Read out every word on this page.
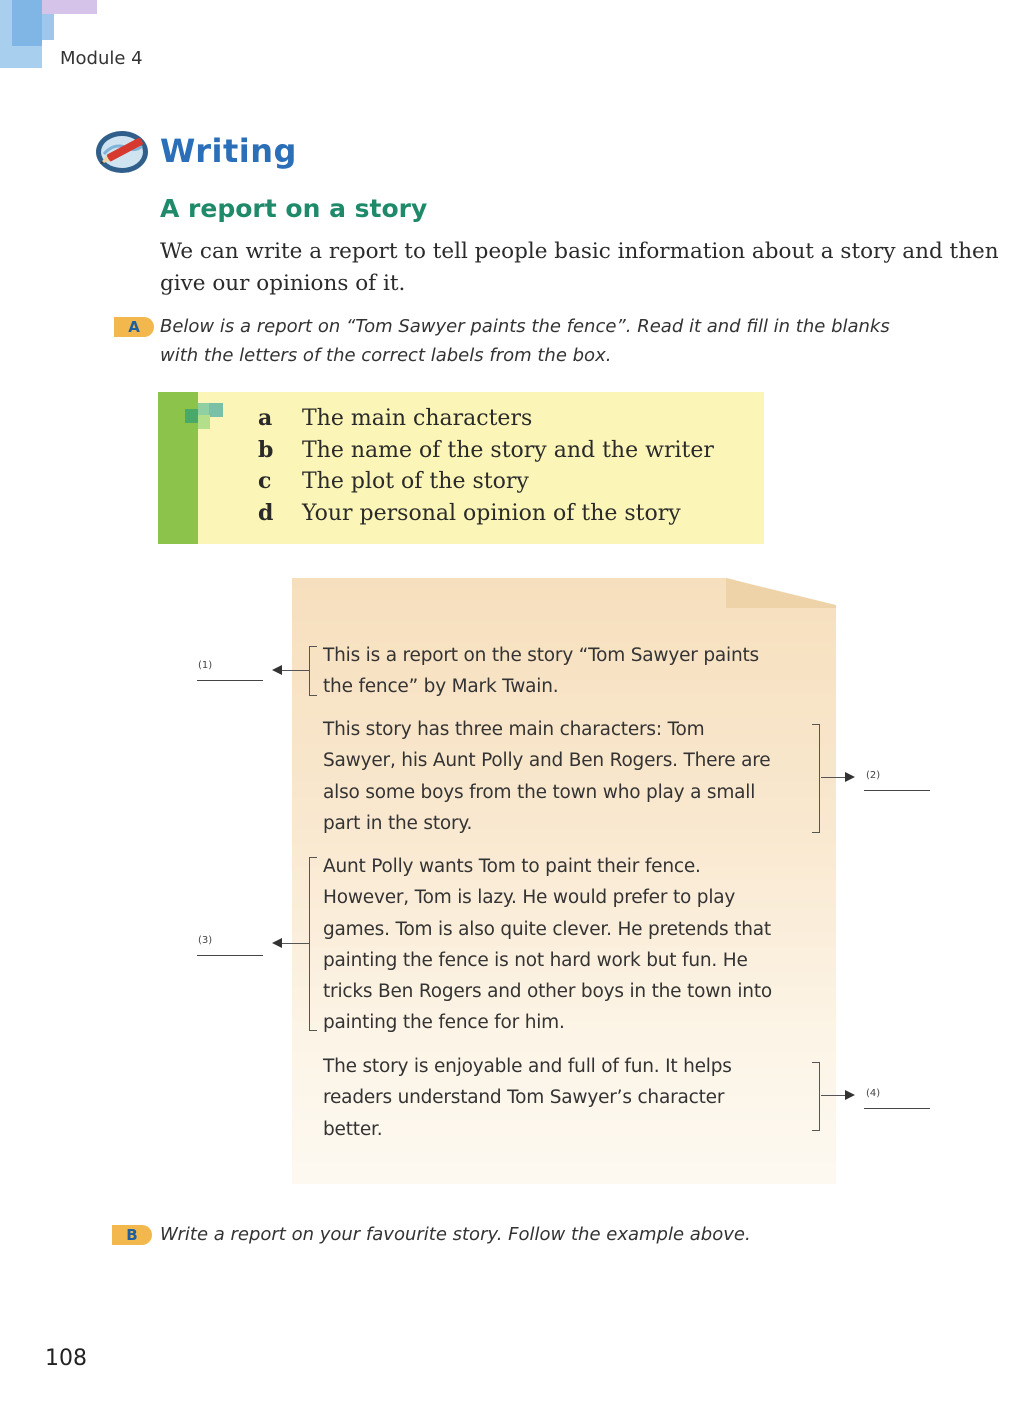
Module 4
Writing
A report on a story
We can write a report to tell people basic information about a story and then give our opinions of it.
A	Below is a report on “Tom Sawyer paints the fence”. Read it and fill in the blanks
with the letters of the correct labels from the box.
a	The main characters
b	The name of the story and the writer
c	The plot of the story
d	Your personal opinion of the story
This is a report on the story “Tom Sawyer paints
the fence” by Mark Twain.
This story has three main characters: Tom
Sawyer, his Aunt Polly and Ben Rogers. There are
also some boys from the town who play a small
part in the story.
Aunt Polly wants Tom to paint their fence.
However, Tom is lazy. He would prefer to play
games. Tom is also quite clever. He pretends that
painting the fence is not hard work but fun. He
tricks Ben Rogers and other boys in the town into
painting the fence for him.
The story is enjoyable and full of fun. It helps
readers understand Tom Sawyer’s character
better.
(1)
(2)
(3)
(4)
B	Write a report on your favourite story. Follow the example above.
108
